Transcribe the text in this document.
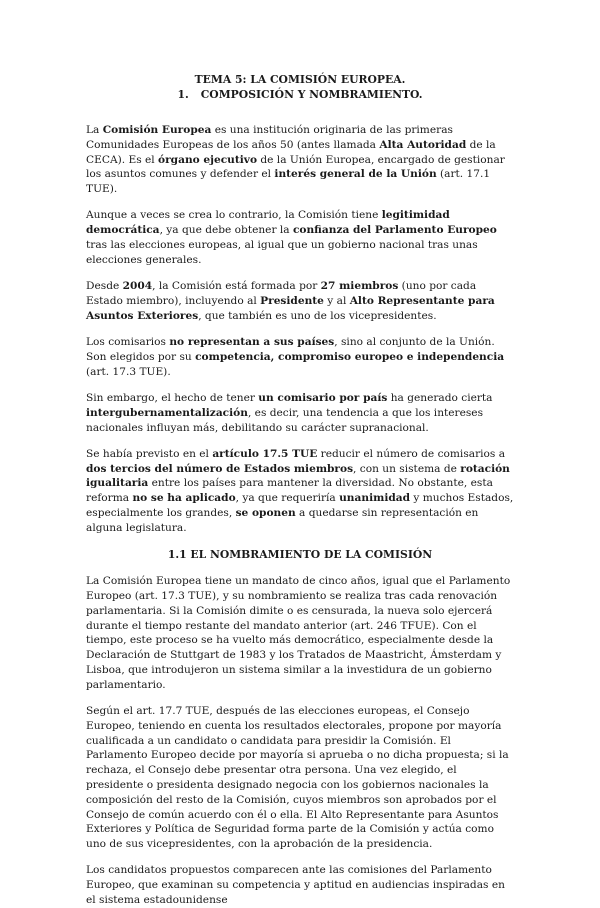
TEMA 5: LA COMISIÓN EUROPEA.

1. COMPOSICIÓN Y NOMBRAMIENTO.

La Comisión Europea es una institución originaria de las primeras Comunidades Europeas de los años 50 (antes llamada Alta Autoridad de la CECA). Es el órgano ejecutivo de la Unión Europea, encargado de gestionar los asuntos comunes y defender el interés general de la Unión (art. 17.1 TUE).

Aunque a veces se crea lo contrario, la Comisión tiene legitimidad democrática, ya que debe obtener la confianza del Parlamento Europeo tras las elecciones europeas, al igual que un gobierno nacional tras unas elecciones generales.

Desde 2004, la Comisión está formada por 27 miembros (uno por cada Estado miembro), incluyendo al Presidente y al Alto Representante para Asuntos Exteriores, que también es uno de los vicepresidentes.

Los comisarios no representan a sus países, sino al conjunto de la Unión. Son elegidos por su competencia, compromiso europeo e independencia (art. 17.3 TUE).

Sin embargo, el hecho de tener un comisario por país ha generado cierta intergubernamentalización, es decir, una tendencia a que los intereses nacionales influyan más, debilitando su carácter supranacional.

Se había previsto en el artículo 17.5 TUE reducir el número de comisarios a dos tercios del número de Estados miembros, con un sistema de rotación igualitaria entre los países para mantener la diversidad. No obstante, esta reforma no se ha aplicado, ya que requeriría unanimidad y muchos Estados, especialmente los grandes, se oponen a quedarse sin representación en alguna legislatura.

1.1 EL NOMBRAMIENTO DE LA COMISIÓN

La Comisión Europea tiene un mandato de cinco años, igual que el Parlamento Europeo (art. 17.3 TUE), y su nombramiento se realiza tras cada renovación parlamentaria. Si la Comisión dimite o es censurada, la nueva solo ejercerá durante el tiempo restante del mandato anterior (art. 246 TFUE). Con el tiempo, este proceso se ha vuelto más democrático, especialmente desde la Declaración de Stuttgart de 1983 y los Tratados de Maastricht, Ámsterdam y Lisboa, que introdujeron un sistema similar a la investidura de un gobierno parlamentario.

Según el art. 17.7 TUE, después de las elecciones europeas, el Consejo Europeo, teniendo en cuenta los resultados electorales, propone por mayoría cualificada a un candidato o candidata para presidir la Comisión. El Parlamento Europeo decide por mayoría si aprueba o no dicha propuesta; si la rechaza, el Consejo debe presentar otra persona. Una vez elegido, el presidente o presidenta designado negocia con los gobiernos nacionales la composición del resto de la Comisión, cuyos miembros son aprobados por el Consejo de común acuerdo con él o ella. El Alto Representante para Asuntos Exteriores y Política de Seguridad forma parte de la Comisión y actúa como uno de sus vicepresidentes, con la aprobación de la presidencia.

Los candidatos propuestos comparecen ante las comisiones del Parlamento Europeo, que examinan su competencia y aptitud en audiencias inspiradas en el sistema estadounidense
